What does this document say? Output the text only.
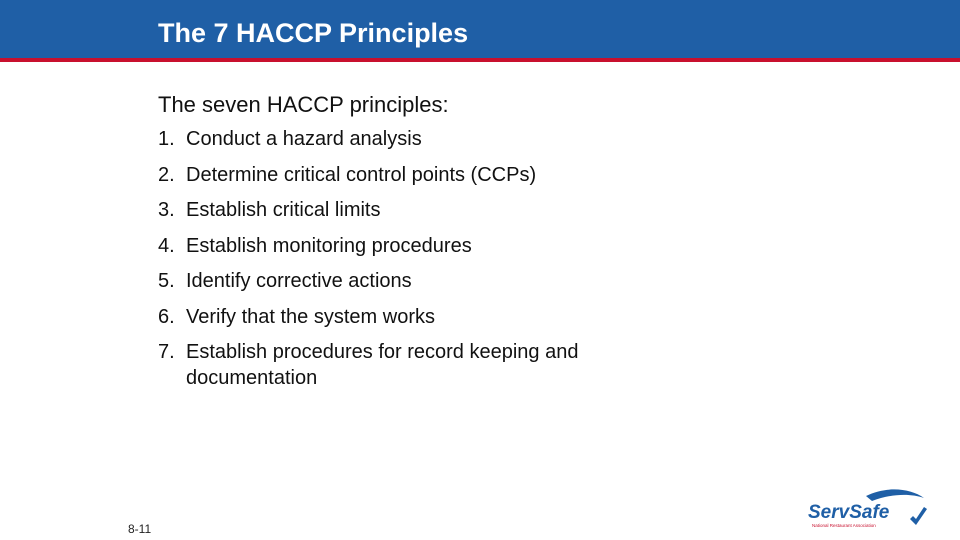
The 7 HACCP Principles

The seven HACCP principles:

1. Conduct a hazard analysis
2. Determine critical control points (CCPs)
3. Establish critical limits
4. Establish monitoring procedures
5. Identify corrective actions
6. Verify that the system works
7. Establish procedures for record keeping and documentation
8-11
ServSafe
National Restaurant Association
